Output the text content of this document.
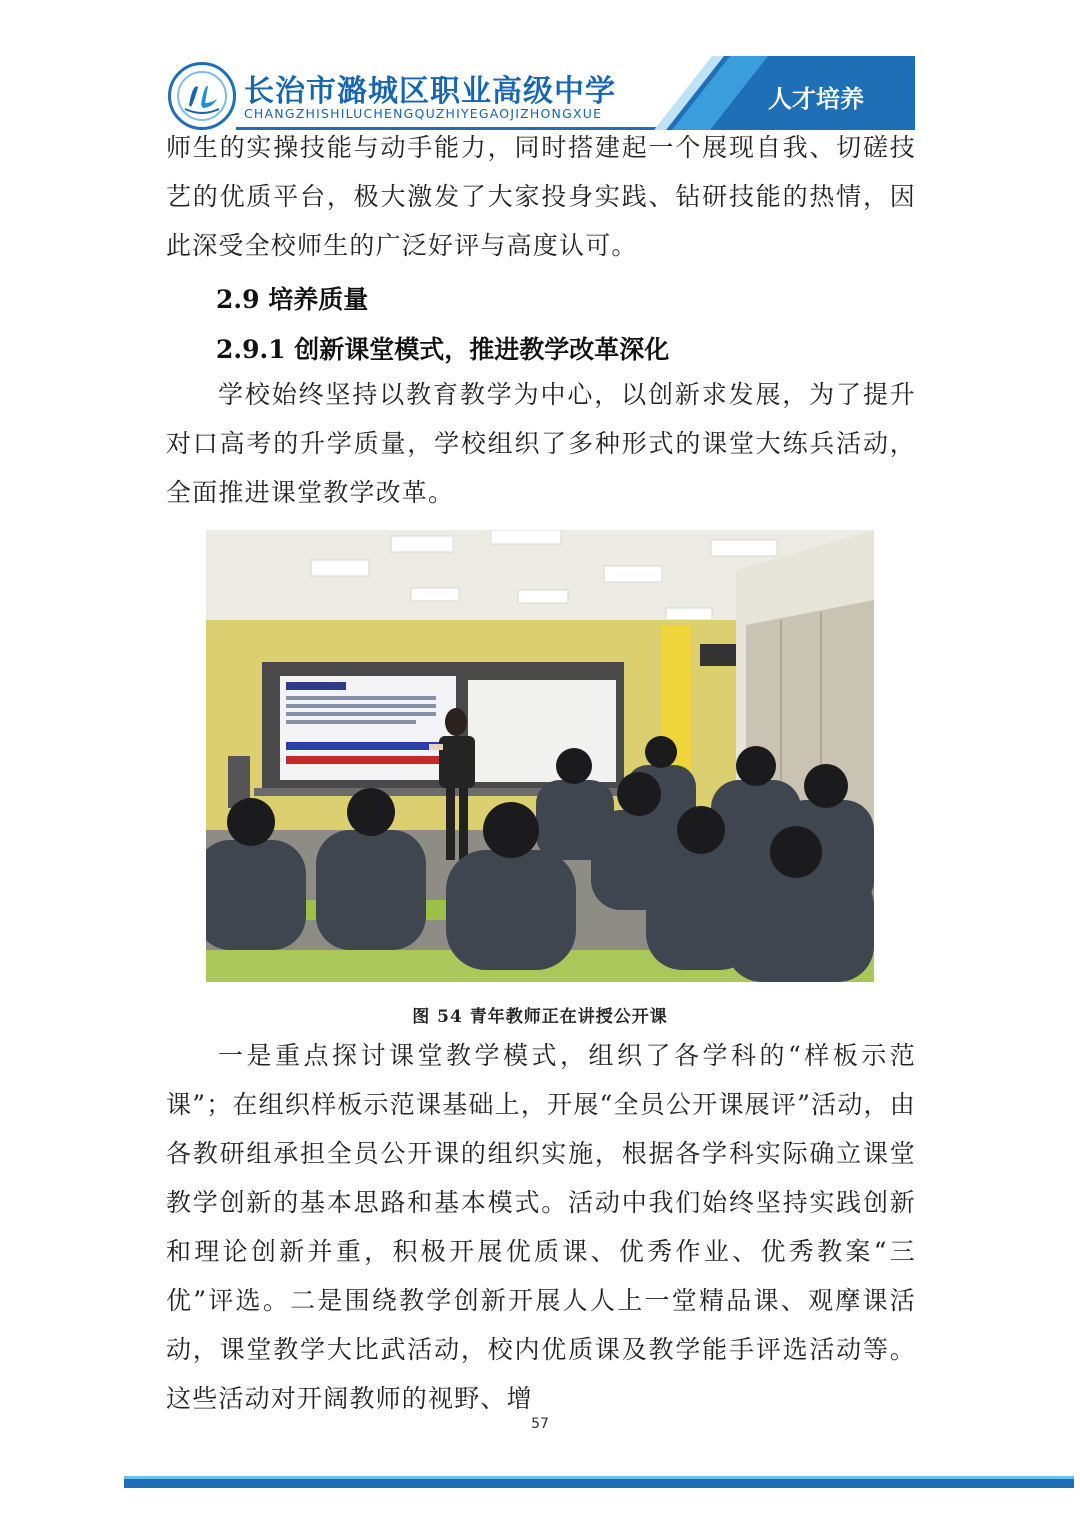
长治市潞城区职业高级中学
CHANGZHISHILUCHENGQUZHIYEGAOJIZHONGXUE
人才培养

师生的实操技能与动手能力，同时搭建起一个展现自我、切磋技艺的优质平台，极大激发了大家投身实践、钻研技能的热情，因此深受全校师生的广泛好评与高度认可。

2.9 培养质量

2.9.1 创新课堂模式，推进教学改革深化

学校始终坚持以教育教学为中心，以创新求发展，为了提升对口高考的升学质量，学校组织了多种形式的课堂大练兵活动，全面推进课堂教学改革。

图 54 青年教师正在讲授公开课

一是重点探讨课堂教学模式，组织了各学科的“样板示范课”；在组织样板示范课基础上，开展“全员公开课展评”活动，由各教研组承担全员公开课的组织实施，根据各学科实际确立课堂教学创新的基本思路和基本模式。活动中我们始终坚持实践创新和理论创新并重，积极开展优质课、优秀作业、优秀教案“三优”评选。二是围绕教学创新开展人人上一堂精品课、观摩课活动，课堂教学大比武活动，校内优质课及教学能手评选活动等。这些活动对开阔教师的视野、增

57
